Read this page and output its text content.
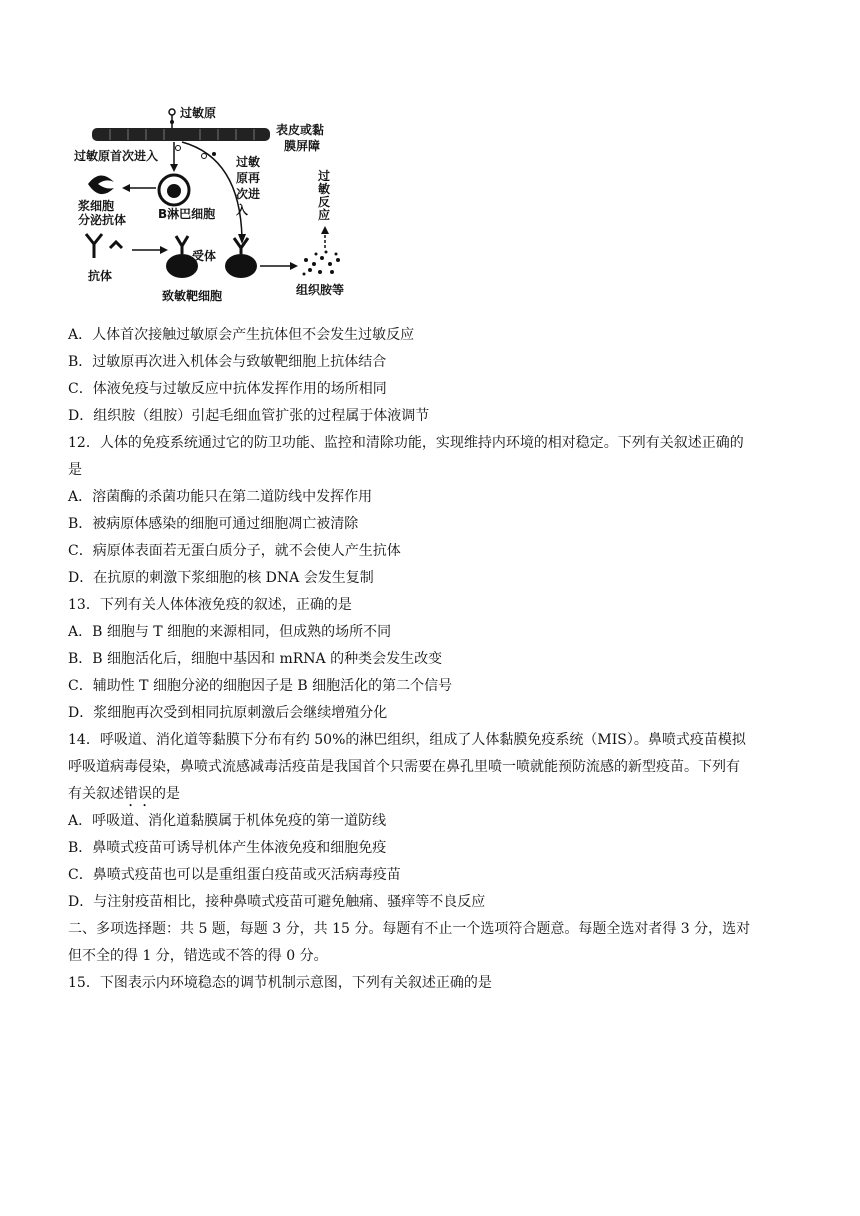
过敏原
表皮或黏
膜屏障
过敏原首次进入	过敏
原再
次进
入
B淋巴细胞
浆细胞
分泌抗体
抗体
受体
致敏靶细胞	组织胺等
过
敏
反
应
A．人体首次接触过敏原会产生抗体但不会发生过敏反应
B．过敏原再次进入机体会与致敏靶细胞上抗体结合
C．体液免疫与过敏反应中抗体发挥作用的场所相同
D．组织胺（组胺）引起毛细血管扩张的过程属于体液调节
12．人体的免疫系统通过它的防卫功能、监控和清除功能，实现维持内环境的相对稳定。下列有关叙述正确的
是
A．溶菌酶的杀菌功能只在第二道防线中发挥作用
B．被病原体感染的细胞可通过细胞凋亡被清除
C．病原体表面若无蛋白质分子，就不会使人产生抗体
D．在抗原的刺激下浆细胞的核 DNA 会发生复制
13．下列有关人体体液免疫的叙述，正确的是
A．B 细胞与 T 细胞的来源相同，但成熟的场所不同
B．B 细胞活化后，细胞中基因和 mRNA 的种类会发生改变
C．辅助性 T 细胞分泌的细胞因子是 B 细胞活化的第二个信号
D．浆细胞再次受到相同抗原刺激后会继续增殖分化
14．呼吸道、消化道等黏膜下分布有约 50%的淋巴组织，组成了人体黏膜免疫系统（MIS）。鼻喷式疫苗模拟
呼吸道病毒侵染，鼻喷式流感减毒活疫苗是我国首个只需要在鼻孔里喷一喷就能预防流感的新型疫苗。下列有
有关叙述错误的是
A．呼吸道、消化道黏膜属于机体免疫的第一道防线
B．鼻喷式疫苗可诱导机体产生体液免疫和细胞免疫
C．鼻喷式疫苗也可以是重组蛋白疫苗或灭活病毒疫苗
D．与注射疫苗相比，接种鼻喷式疫苗可避免触痛、骚痒等不良反应
二、多项选择题：共 5 题，每题 3 分，共 15 分。每题有不止一个选项符合题意。每题全选对者得 3 分，选对
但不全的得 1 分，错选或不答的得 0 分。
15．下图表示内环境稳态的调节机制示意图，下列有关叙述正确的是
